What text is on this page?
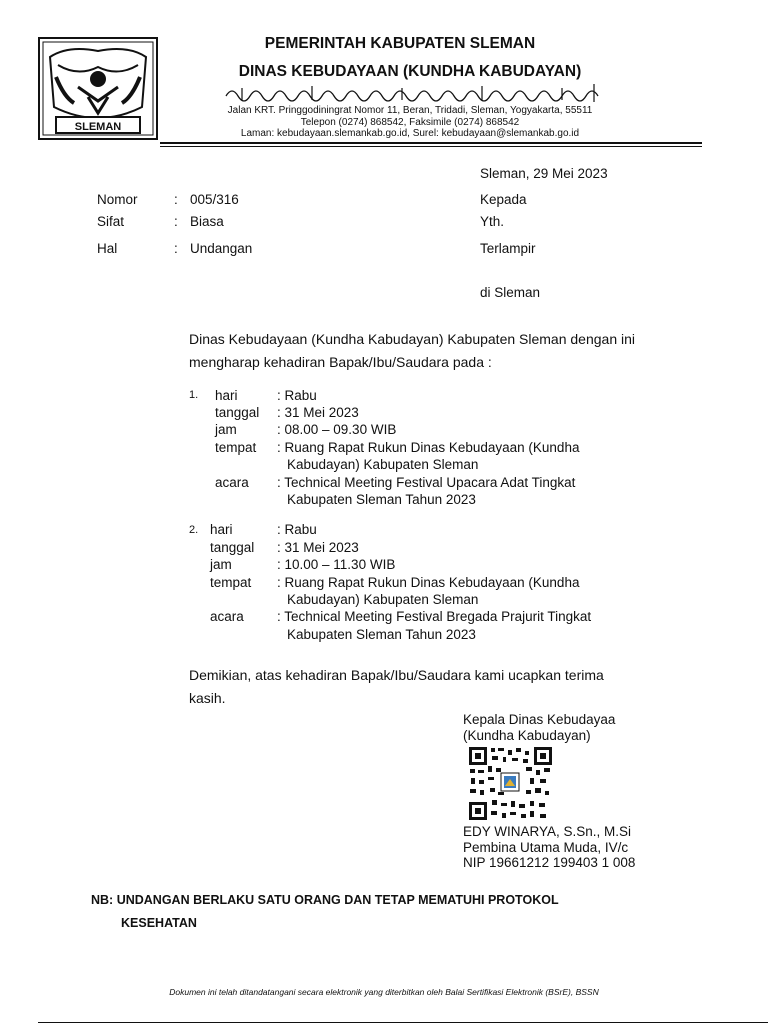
SLEMAN
PEMERINTAH KABUPATEN SLEMAN
DINAS KEBUDAYAAN (KUNDHA KABUDAYAN)
Jalan KRT. Pringgodiningrat Nomor 11, Beran, Tridadi, Sleman, Yogyakarta, 55511
Telepon (0274) 868542, Faksimile (0274) 868542
Laman: kebudayaan.slemankab.go.id, Surel: kebudayaan@slemankab.go.id
Sleman, 29 Mei 2023
Nomor	: 005/316
Sifat	: Biasa
Hal	: Undangan
Kepada
Yth.
Terlampir
di Sleman
Dinas Kebudayaan (Kundha Kabudayan) Kabupaten Sleman dengan ini
mengharap kehadiran Bapak/Ibu/Saudara pada :
1. hari	: Rabu
tanggal : 31 Mei 2023
jam	: 08.00 – 09.30 WIB
tempat : Ruang Rapat Rukun Dinas Kebudayaan (Kundha
Kabudayan) Kabupaten Sleman
acara : Technical Meeting Festival Upacara Adat Tingkat
Kabupaten Sleman Tahun 2023
2. hari	: Rabu
tanggal : 31 Mei 2023
jam	: 10.00 – 11.30 WIB
tempat : Ruang Rapat Rukun Dinas Kebudayaan (Kundha
Kabudayan) Kabupaten Sleman
acara : Technical Meeting Festival Bregada Prajurit Tingkat
Kabupaten Sleman Tahun 2023
Demikian, atas kehadiran Bapak/Ibu/Saudara kami ucapkan terima
kasih.
Kepala Dinas Kebudayaa
(Kundha Kabudayan)
EDY WINARYA, S.Sn., M.Si
Pembina Utama Muda, IV/c
NIP 19661212 199403 1 008
NB: UNDANGAN BERLAKU SATU ORANG DAN TETAP MEMATUHI PROTOKOL
KESEHATAN
Dokumen ini telah ditandatangani secara elektronik yang diterbitkan oleh Balai Sertifikasi Elektronik (BSrE), BSSN
